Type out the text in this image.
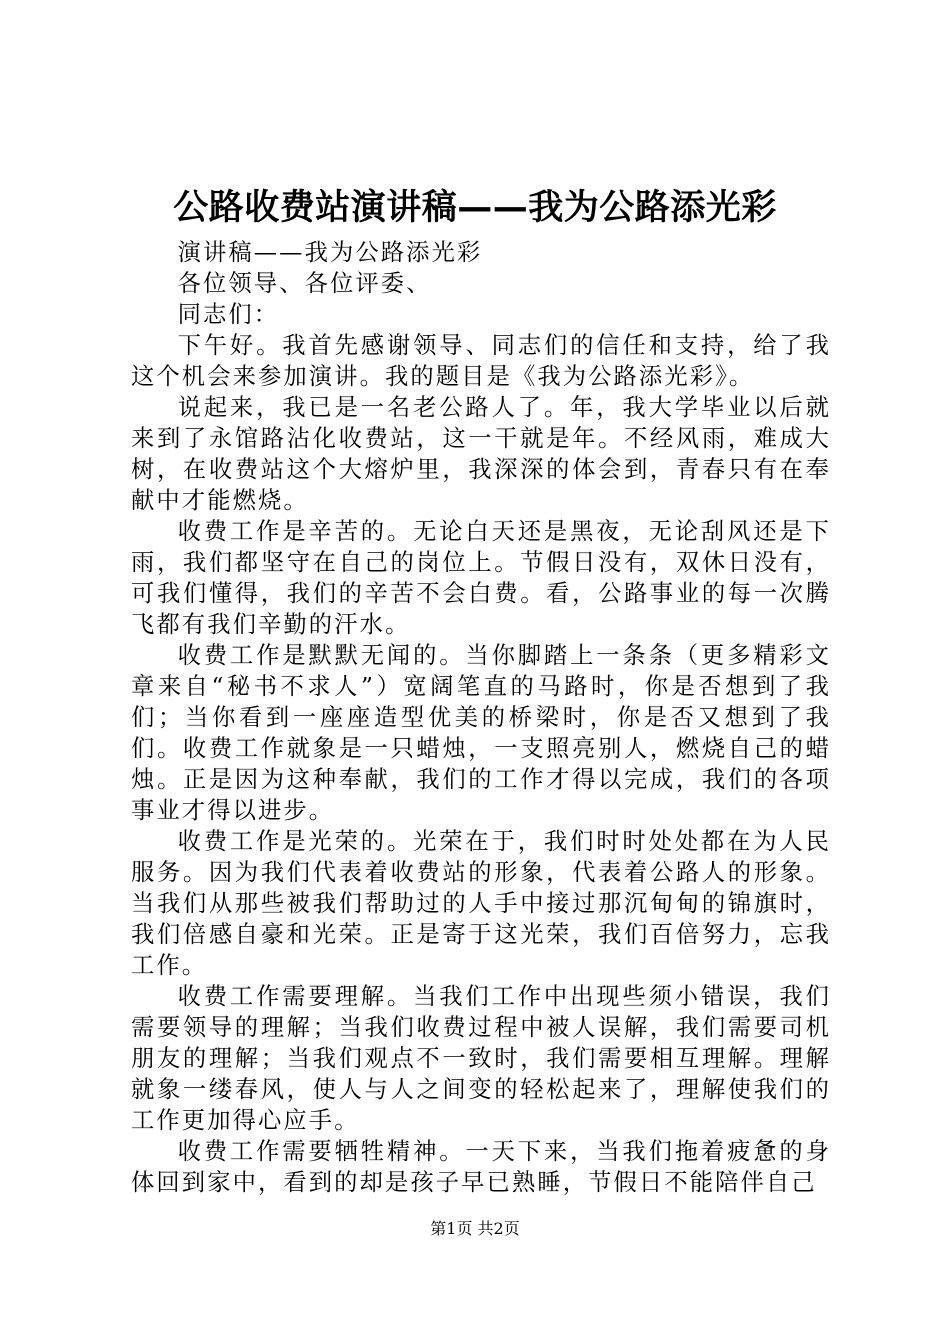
公路收费站演讲稿——我为公路添光彩

演讲稿——我为公路添光彩

各位领导、各位评委、

同志们：

下午好。我首先感谢领导、同志们的信任和支持，给了我这个机会来参加演讲。我的题目是《我为公路添光彩》。

说起来，我已是一名老公路人了。年，我大学毕业以后就来到了永馆路沾化收费站，这一干就是年。不经风雨，难成大树，在收费站这个大熔炉里，我深深的体会到，青春只有在奉献中才能燃烧。

收费工作是辛苦的。无论白天还是黑夜，无论刮风还是下雨，我们都坚守在自己的岗位上。节假日没有，双休日没有，可我们懂得，我们的辛苦不会白费。看，公路事业的每一次腾飞都有我们辛勤的汗水。

收费工作是默默无闻的。当你脚踏上一条条（更多精彩文章来自“秘书不求人”）宽阔笔直的马路时，你是否想到了我们；当你看到一座座造型优美的桥梁时，你是否又想到了我们。收费工作就象是一只蜡烛，一支照亮别人，燃烧自己的蜡烛。正是因为这种奉献，我们的工作才得以完成，我们的各项事业才得以进步。

收费工作是光荣的。光荣在于，我们时时处处都在为人民服务。因为我们代表着收费站的形象，代表着公路人的形象。当我们从那些被我们帮助过的人手中接过那沉甸甸的锦旗时，我们倍感自豪和光荣。正是寄于这光荣，我们百倍努力，忘我工作。

收费工作需要理解。当我们工作中出现些须小错误，我们需要领导的理解；当我们收费过程中被人误解，我们需要司机朋友的理解；当我们观点不一致时，我们需要相互理解。理解就象一缕春风，使人与人之间变的轻松起来了，理解使我们的工作更加得心应手。

收费工作需要牺牲精神。一天下来，当我们拖着疲惫的身体回到家中，看到的却是孩子早已熟睡，节假日不能陪伴自己

第1页 共2页
